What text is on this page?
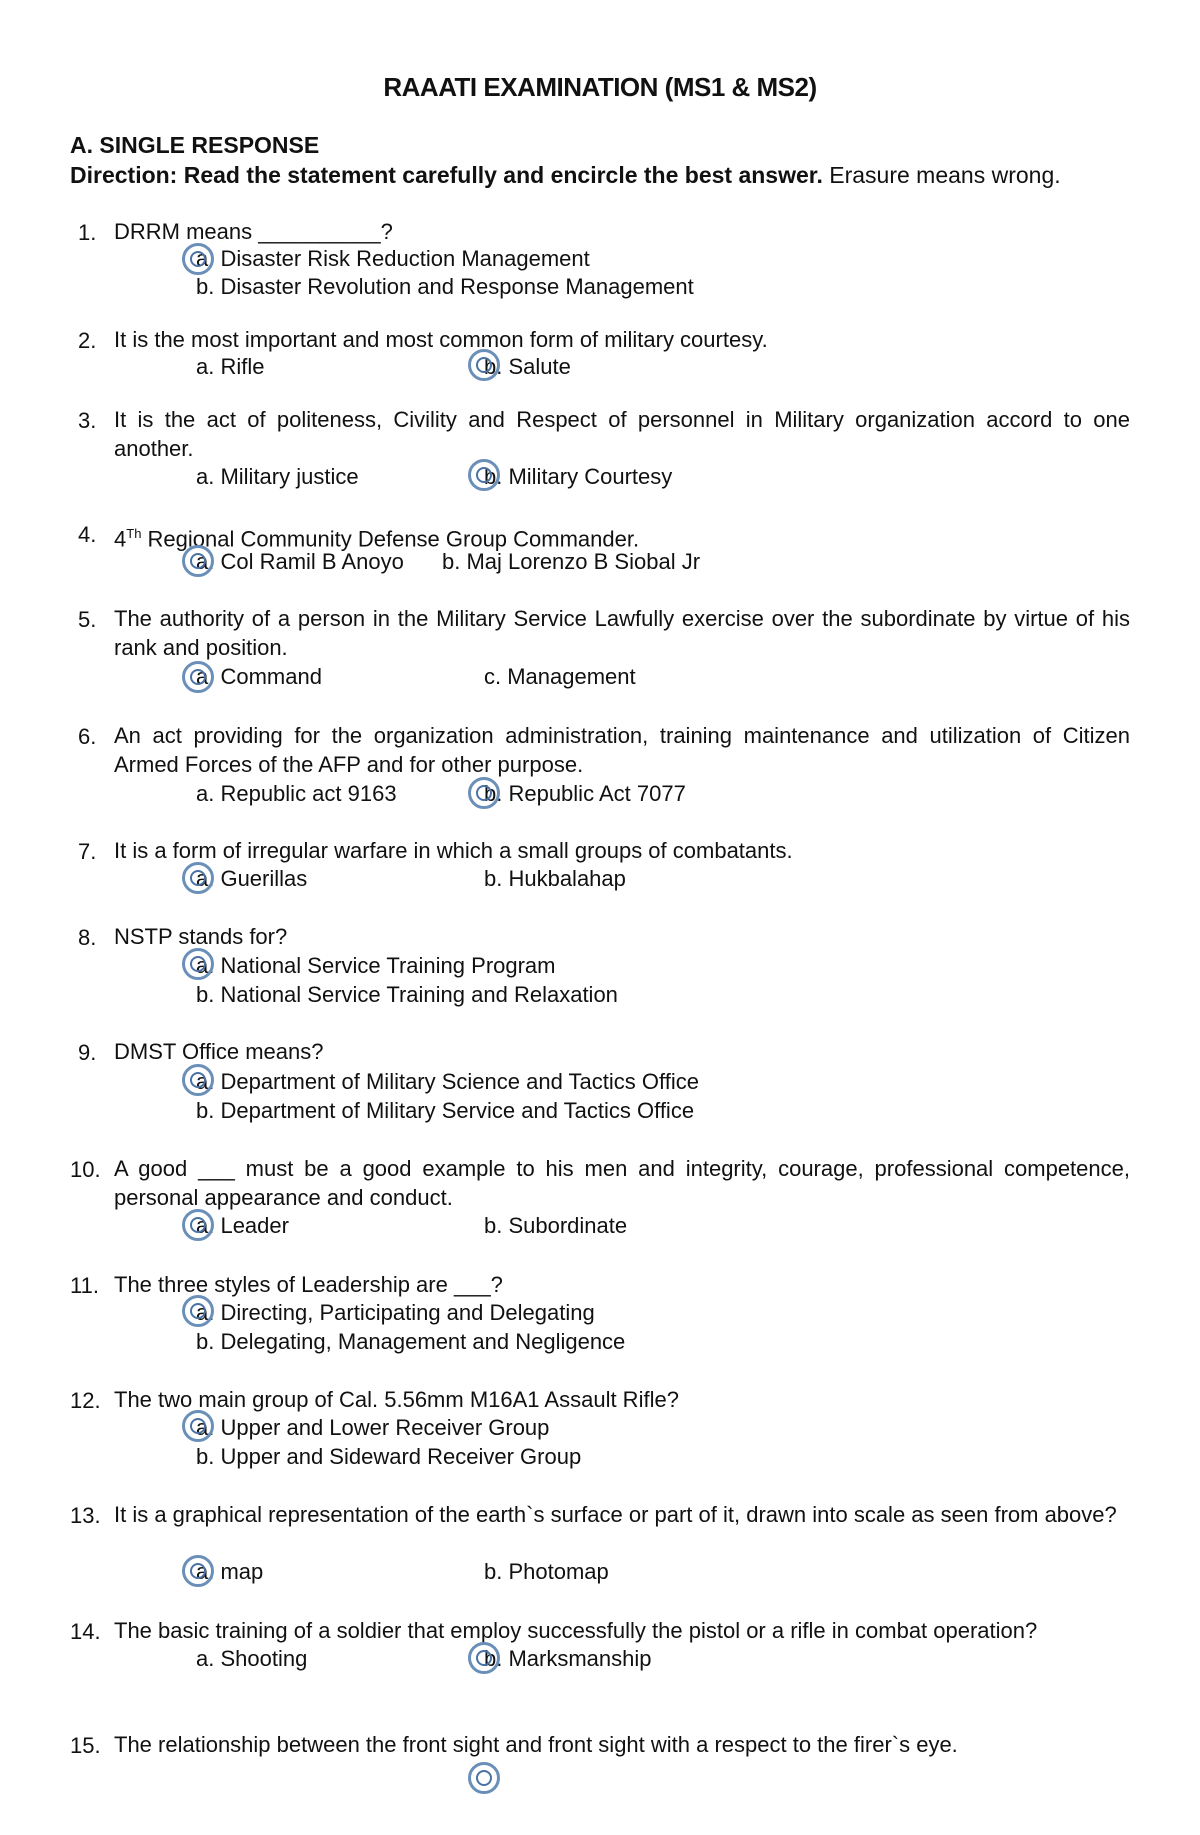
RAAATI EXAMINATION (MS1 & MS2)
A. SINGLE RESPONSE
Direction: Read the statement carefully and encircle the best answer. Erasure means wrong.
1. DRRM means __________?
a. Disaster Risk Reduction Management
b. Disaster Revolution and Response Management
2. It is the most important and most common form of military courtesy.
a. Rifle	b. Salute
3. It is the act of politeness, Civility and Respect of personnel in Military organization accord to one another.
a. Military justice	b. Military Courtesy
4. 4Th Regional Community Defense Group Commander.
a. Col Ramil B Anoyo b. Maj Lorenzo B Siobal Jr
5. The authority of a person in the Military Service Lawfully exercise over the subordinate by virtue of his rank and position.
a. Command	c. Management
6. An act providing for the organization administration, training maintenance and utilization of Citizen Armed Forces of the AFP and for other purpose.
a. Republic act 9163	b. Republic Act 7077
7. It is a form of irregular warfare in which a small groups of combatants.
a. Guerillas	b. Hukbalahap
8. NSTP stands for?
a. National Service Training Program
b. National Service Training and Relaxation
9. DMST Office means?
a. Department of Military Science and Tactics Office
b. Department of Military Service and Tactics Office
10. A good ___ must be a good example to his men and integrity, courage, professional competence, personal appearance and conduct.
a. Leader	b. Subordinate
11. The three styles of Leadership are ___?
a. Directing, Participating and Delegating
b. Delegating, Management and Negligence
12. The two main group of Cal. 5.56mm M16A1 Assault Rifle?
a. Upper and Lower Receiver Group
b. Upper and Sideward Receiver Group
13. It is a graphical representation of the earth`s surface or part of it, drawn into scale as seen from above?
a. map	b. Photomap
14. The basic training of a soldier that employ successfully the pistol or a rifle in combat operation?
a. Shooting	b. Marksmanship
15. The relationship between the front sight and front sight with a respect to the firer`s eye.
